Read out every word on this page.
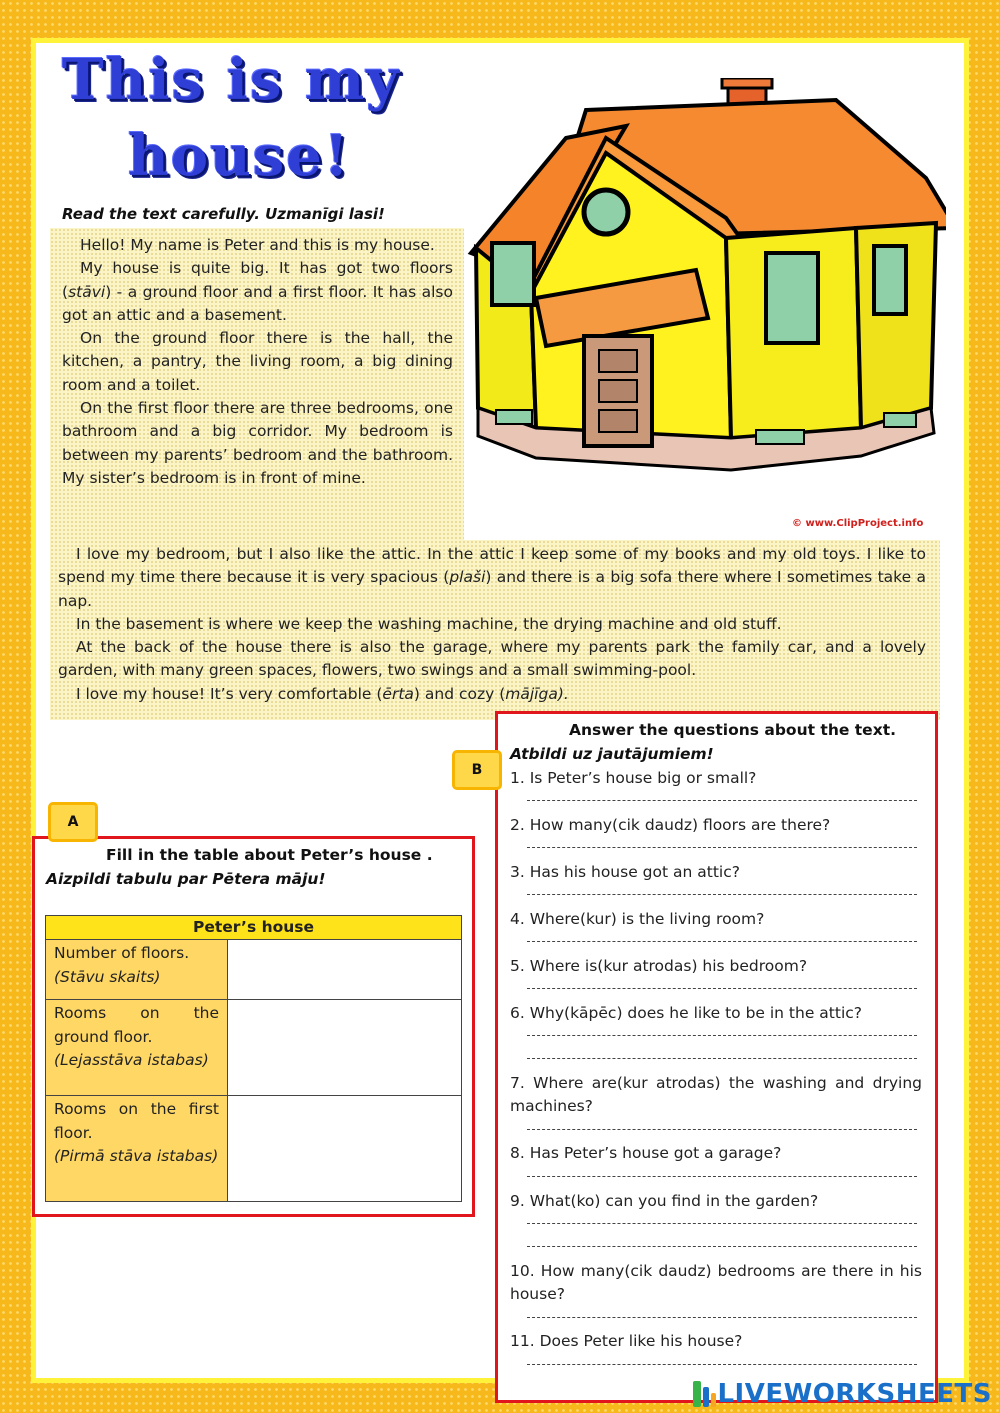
This is my
house!
Read the text carefully. Uzmanīgi lasi!

Hello! My name is Peter and this is my house.

My house is quite big. It has got two floors (stāvi) - a ground floor and a first floor. It has also got an attic and a basement.

On the ground floor there is the hall, the kitchen, a pantry, the living room, a big dining room and a toilet.

On the first floor there are three bedrooms, one bathroom and a big corridor. My bedroom is between my parents’ bedroom and the bathroom. My sister’s bedroom is in front of mine.

© www.ClipProject.info

I love my bedroom, but I also like the attic. In the attic I keep some of my books and my old toys. I like to spend my time there because it is very spacious (plaši) and there is a big sofa there where I sometimes take a nap.

In the basement is where we keep the washing machine, the drying machine and old stuff.

At the back of the house there is also the garage, where my parents park the family car, and a lovely garden, with many green spaces, flowers, two swings and a small swimming-pool.

I love my house! It’s very comfortable (ērta) and cozy (mājīga).

A
Fill in the table about Peter’s house .
Aizpildi tabulu par Pētera māju!
Peter’s house	
Number of floors.
(Stāvu skaits)	
Rooms on the ground floor.
(Lejasstāva istabas)	
Rooms on the first floor.
(Pirmā stāva istabas)	
B
Answer the questions about the text.
Atbildi uz jautājumiem!
1. Is Peter’s house big or small?
2. How many(cik daudz) floors are there?
3. Has his house got an attic?
4. Where(kur) is the living room?
5. Where is(kur atrodas) his bedroom?
6. Why(kāpēc) does he like to be in the attic?
7. Where are(kur atrodas) the washing and drying machines?
8. Has Peter’s house got a garage?
9. What(ko) can you find in the garden?
10. How many(cik daudz) bedrooms are there in his house?
11. Does Peter like his house?
LIVEWORKSHEETS
